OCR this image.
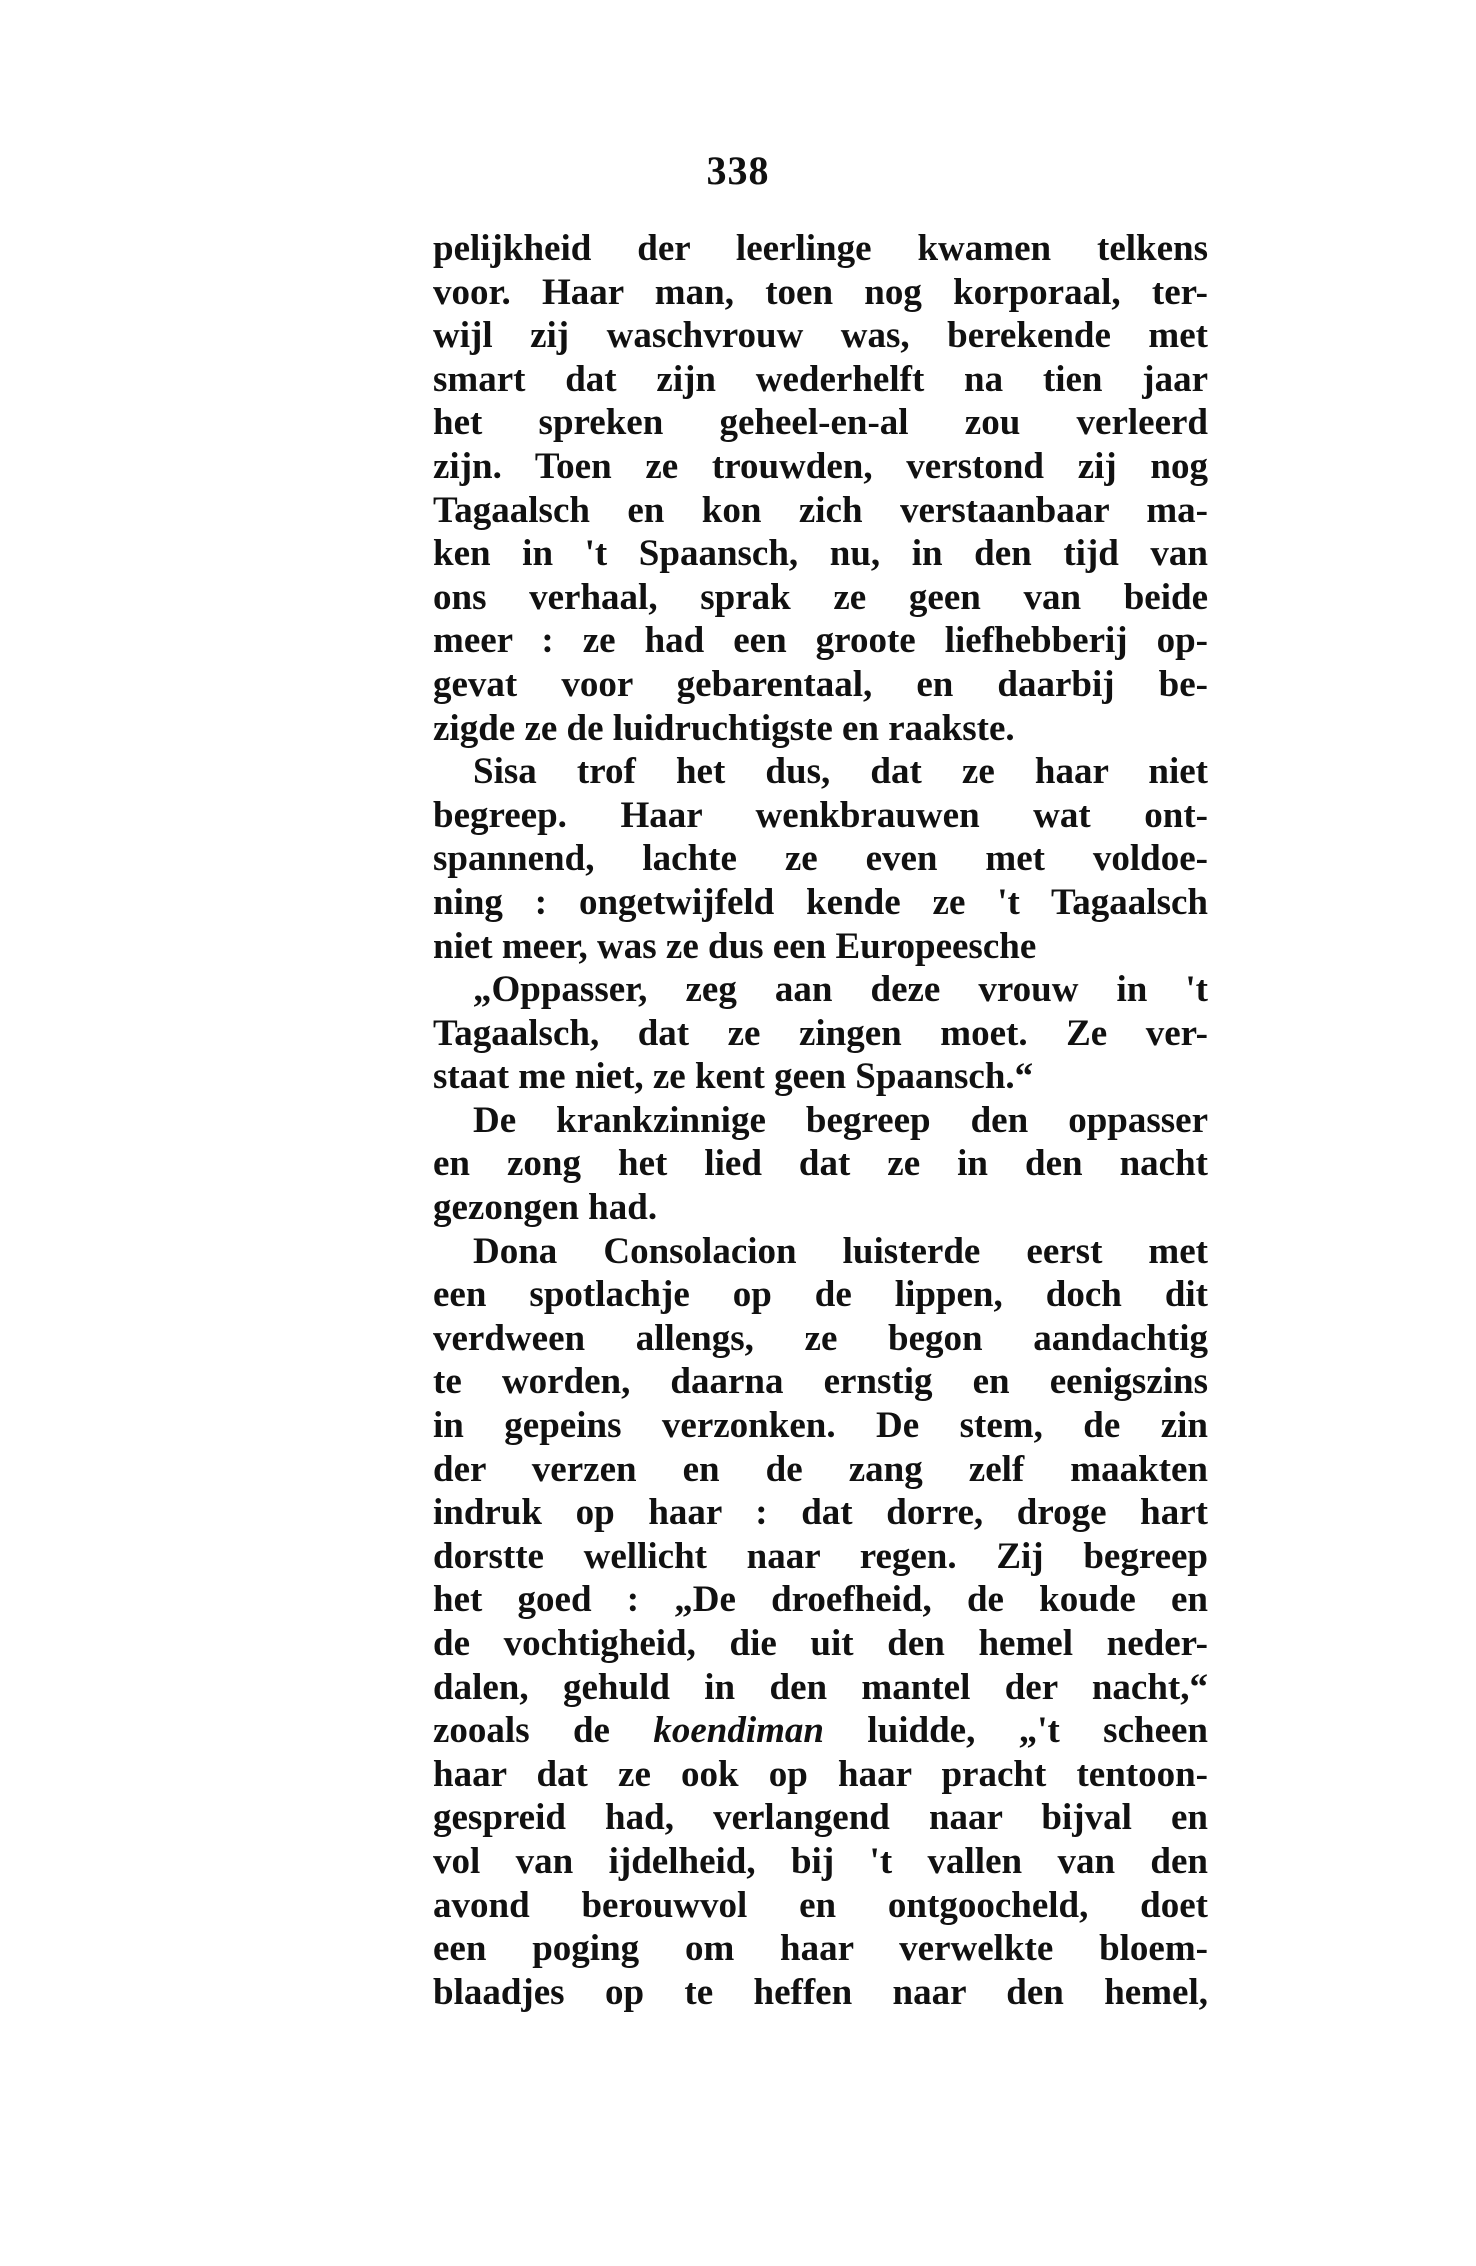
338
pelijkheid der leerlinge kwamen telkens
voor. Haar man, toen nog korporaal, ter-
wijl zij waschvrouw was, berekende met
smart dat zijn wederhelft na tien jaar
het spreken geheel-en-al zou verleerd
zijn. Toen ze trouwden, verstond zij nog
Tagaalsch en kon zich verstaanbaar ma-
ken in 't Spaansch, nu, in den tijd van
ons verhaal, sprak ze geen van beide
meer : ze had een groote liefhebberij op-
gevat voor gebarentaal, en daarbij be-
zigde ze de luidruchtigste en raakste.
Sisa trof het dus, dat ze haar niet
begreep. Haar wenkbrauwen wat ont-
spannend, lachte ze even met voldoe-
ning : ongetwijfeld kende ze 't Tagaalsch
niet meer, was ze dus een Europeesche
„Oppasser, zeg aan deze vrouw in 't
Tagaalsch, dat ze zingen moet. Ze ver-
staat me niet, ze kent geen Spaansch.“
De krankzinnige begreep den oppasser
en zong het lied dat ze in den nacht
gezongen had.
Dona Consolacion luisterde eerst met
een spotlachje op de lippen, doch dit
verdween allengs, ze begon aandachtig
te worden, daarna ernstig en eenigszins
in gepeins verzonken. De stem, de zin
der verzen en de zang zelf maakten
indruk op haar : dat dorre, droge hart
dorstte wellicht naar regen. Zij begreep
het goed : „De droefheid, de koude en
de vochtigheid, die uit den hemel neder-
dalen, gehuld in den mantel der nacht,“
zooals de koendiman luidde, „'t scheen
haar dat ze ook op haar pracht tentoon-
gespreid had, verlangend naar bijval en
vol van ijdelheid, bij 't vallen van den
avond berouwvol en ontgoocheld, doet
een poging om haar verwelkte bloem-
blaadjes op te heffen naar den hemel,
